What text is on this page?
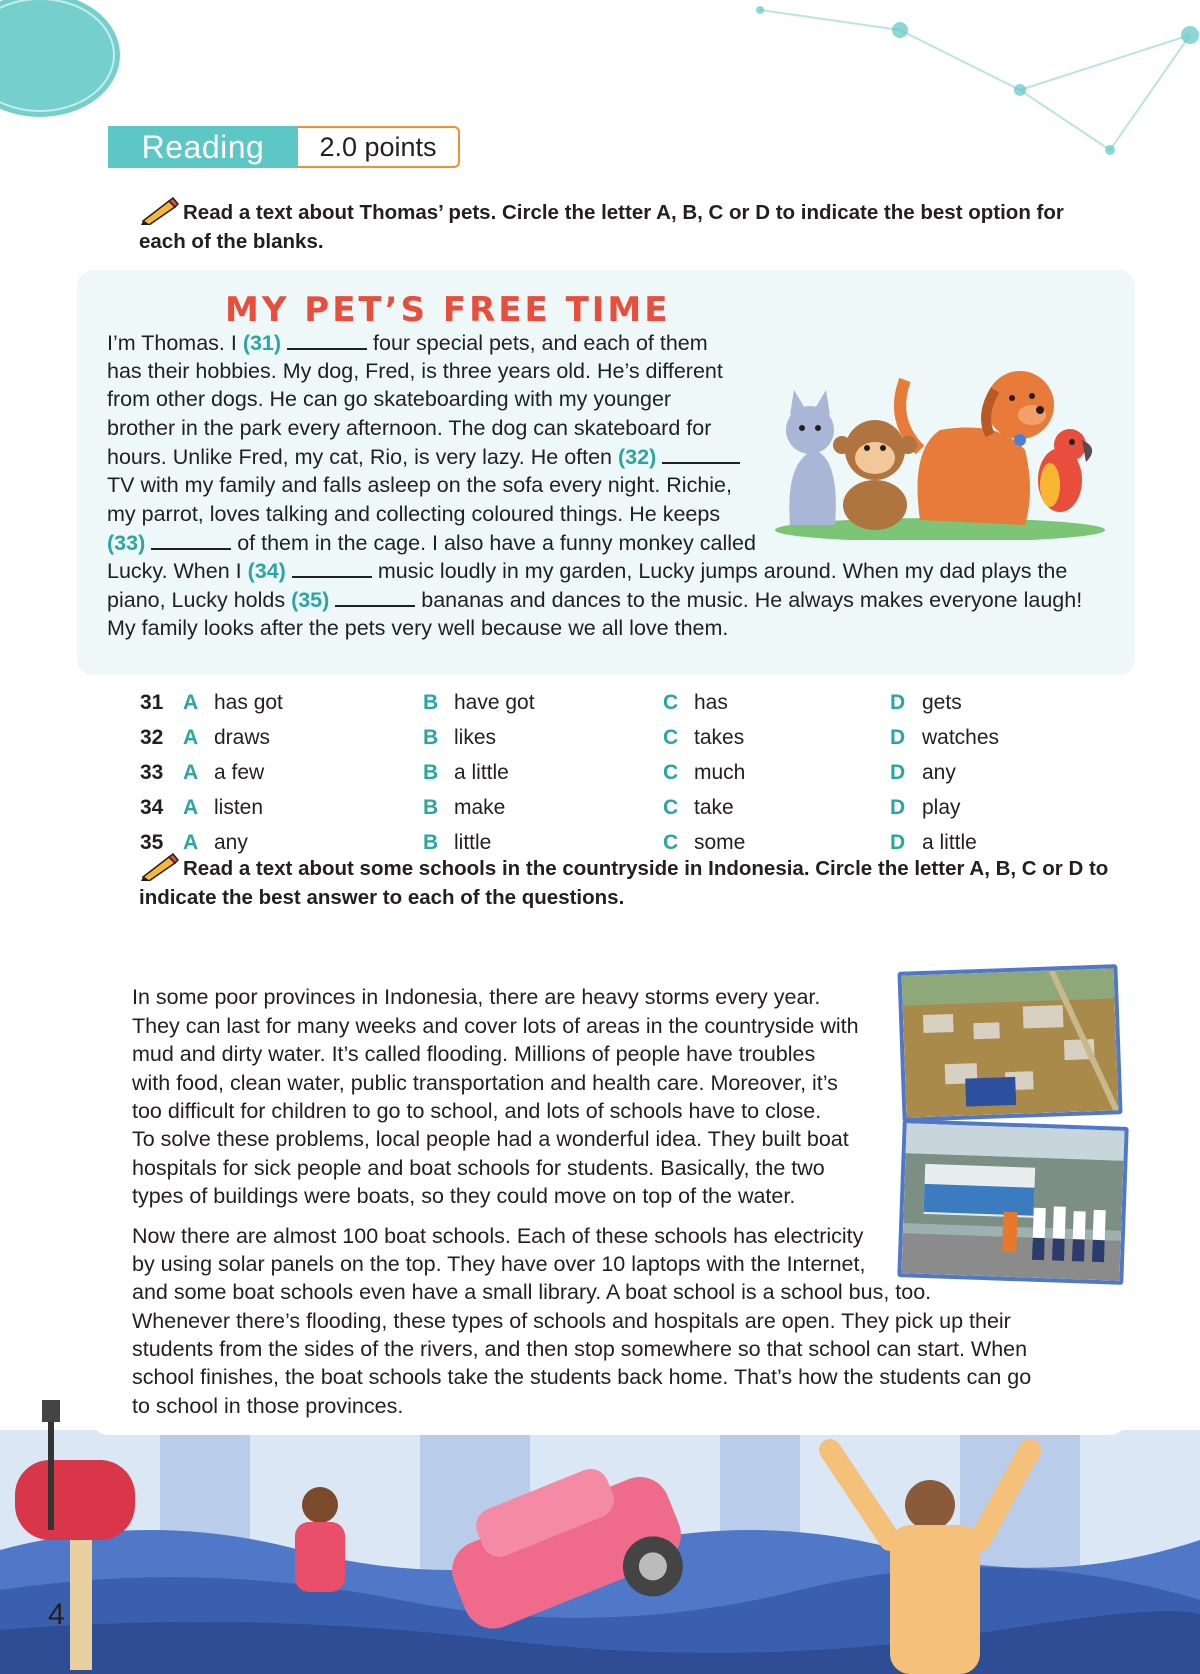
Reading	2.0 points
Read a text about Thomas’ pets. Circle the letter A, B, C or D to indicate the best option for each of the blanks.
MY PET’S FREE TIME
I’m Thomas. I (31)	four special pets, and each of them
has their hobbies. My dog, Fred, is three years old. He’s different
from other dogs. He can go skateboarding with my younger
brother in the park every afternoon. The dog can skateboard for
hours. Unlike Fred, my cat, Rio, is very lazy. He often (32)
TV with my family and falls asleep on the sofa every night. Richie,
my parrot, loves talking and collecting coloured things. He keeps
(33)	of them in the cage. I also have a funny monkey called
Lucky. When I (34)	music loudly in my garden, Lucky jumps around. When my dad plays the
piano, Lucky holds (35)	bananas and dances to the music. He always makes everyone laugh!
My family looks after the pets very well because we all love them.
31 A has got	B have got	C has	D gets
32 A draws	B likes	C takes	D watches
33 A a few	B a little	C much	D any
34 A listen	B make	C take	D play
35 A any	B little	C some	D a little
Read a text about some schools in the countryside in Indonesia. Circle the letter A, B, C or D to indicate the best answer to each of the questions.
In some poor provinces in Indonesia, there are heavy storms every year.
They can last for many weeks and cover lots of areas in the countryside with
mud and dirty water. It’s called flooding. Millions of people have troubles
with food, clean water, public transportation and health care. Moreover, it’s
too difficult for children to go to school, and lots of schools have to close.
To solve these problems, local people had a wonderful idea. They built boat
hospitals for sick people and boat schools for students. Basically, the two
types of buildings were boats, so they could move on top of the water.
Now there are almost 100 boat schools. Each of these schools has electricity
by using solar panels on the top. They have over 10 laptops with the Internet,
and some boat schools even have a small library. A boat school is a school bus, too.
Whenever there’s flooding, these types of schools and hospitals are open. They pick up their
students from the sides of the rivers, and then stop somewhere so that school can start. When
school finishes, the boat schools take the students back home. That’s how the students can go
to school in those provinces.
4
